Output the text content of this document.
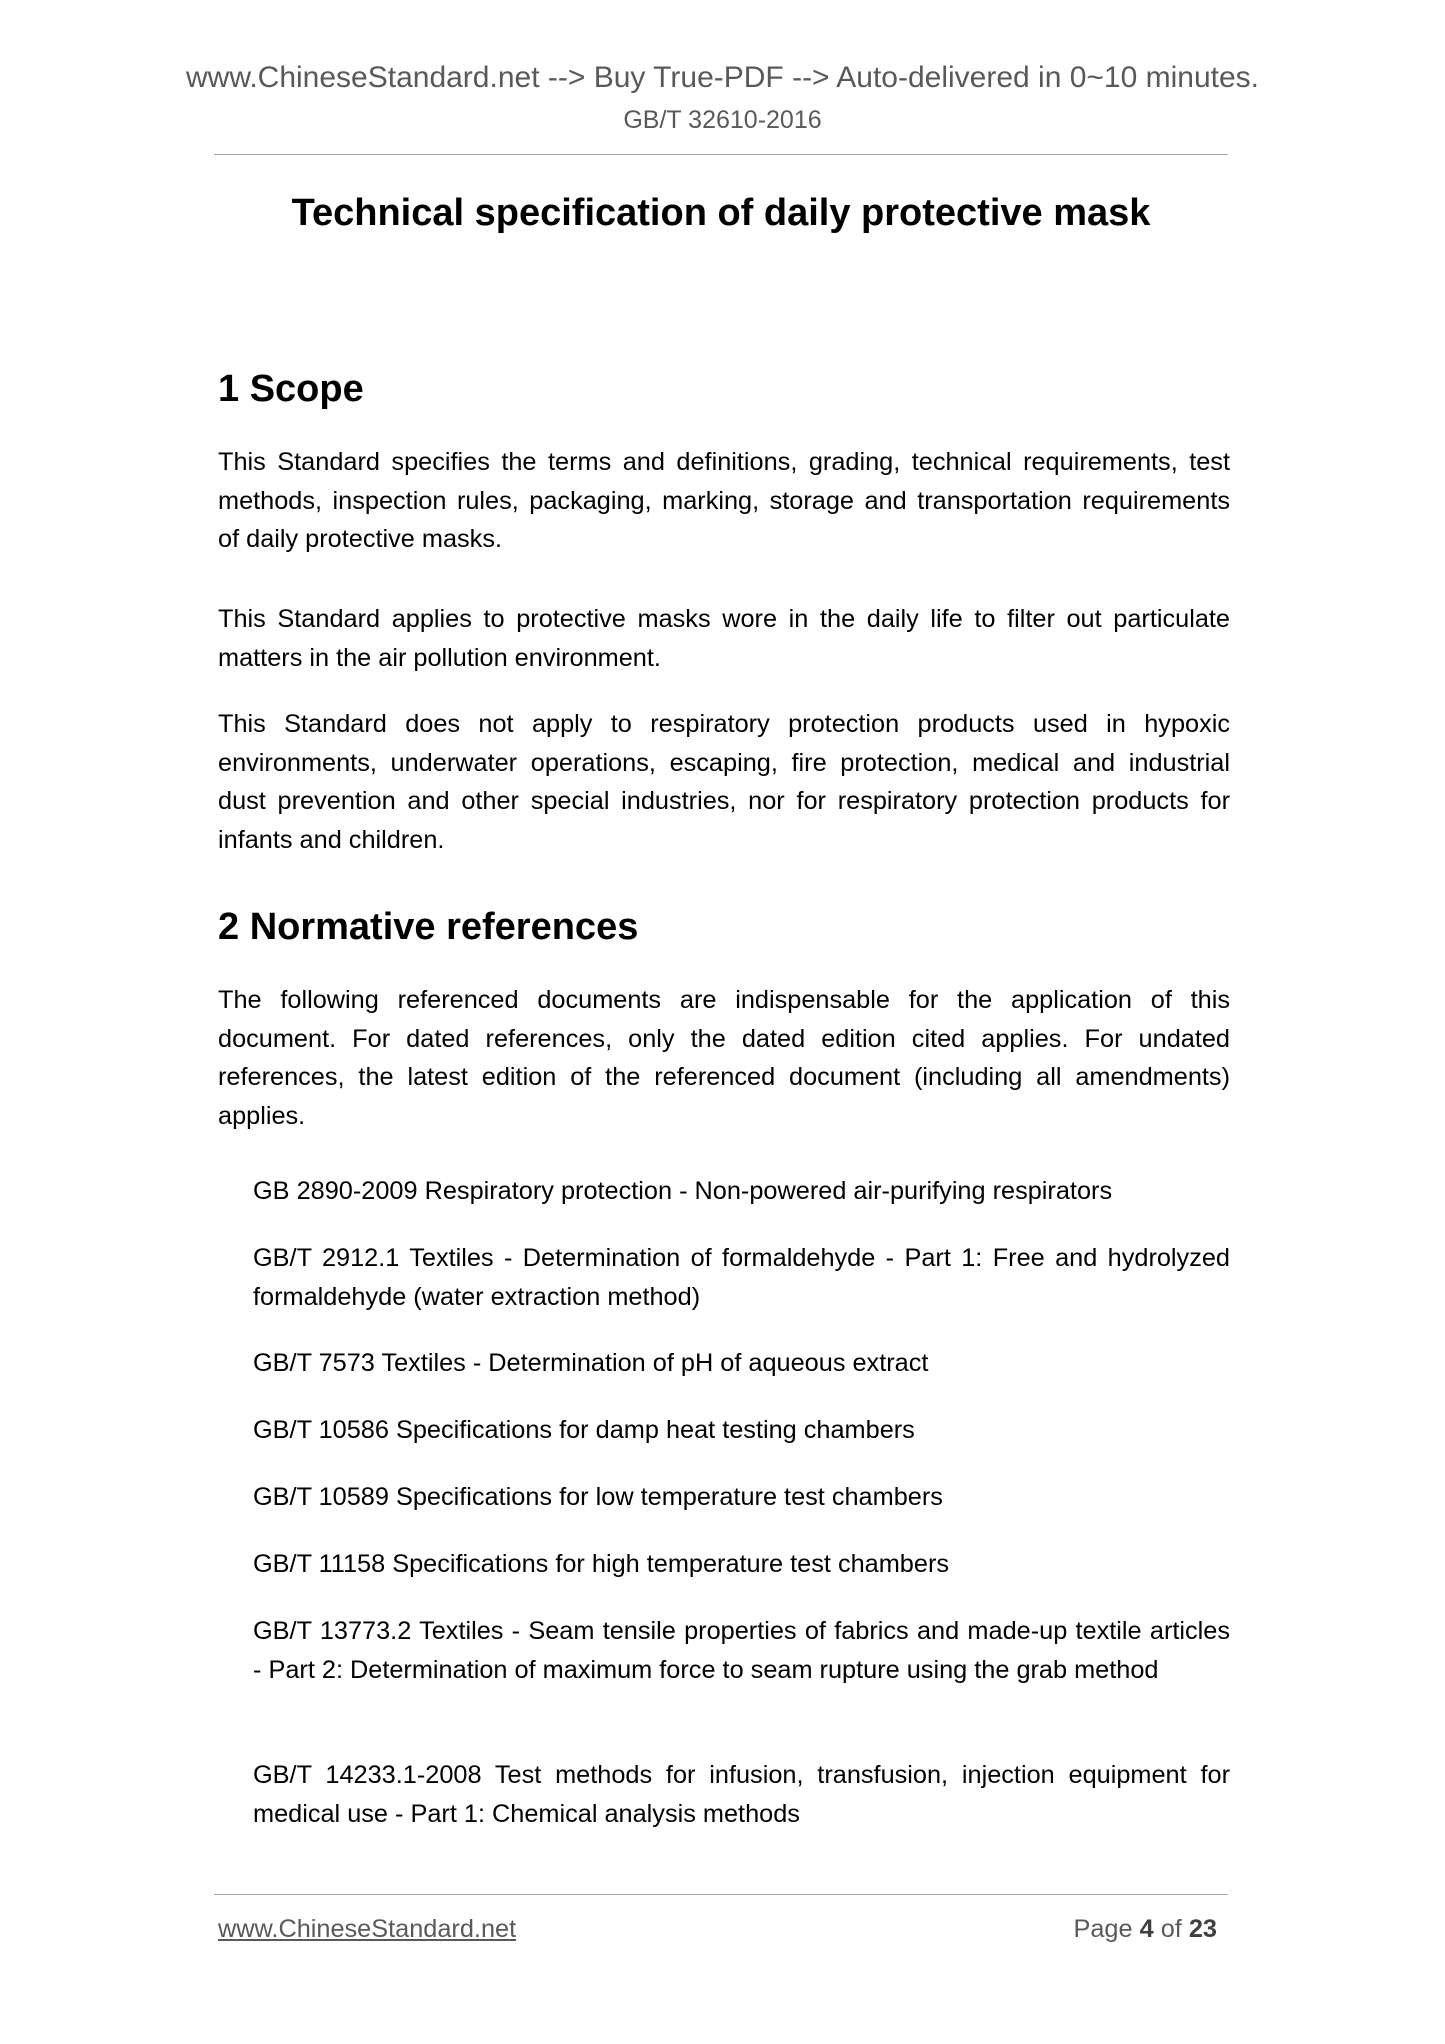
www.ChineseStandard.net --> Buy True-PDF --> Auto-delivered in 0~10 minutes.
GB/T 32610-2016
Technical specification of daily protective mask
1 Scope
This Standard specifies the terms and definitions, grading, technical requirements, test methods, inspection rules, packaging, marking, storage and transportation requirements of daily protective masks.
This Standard applies to protective masks wore in the daily life to filter out particulate matters in the air pollution environment.
This Standard does not apply to respiratory protection products used in hypoxic environments, underwater operations, escaping, fire protection, medical and industrial dust prevention and other special industries, nor for respiratory protection products for infants and children.
2 Normative references
The following referenced documents are indispensable for the application of this document. For dated references, only the dated edition cited applies. For undated references, the latest edition of the referenced document (including all amendments) applies.
GB 2890-2009 Respiratory protection - Non-powered air-purifying respirators
GB/T 2912.1 Textiles - Determination of formaldehyde - Part 1: Free and hydrolyzed formaldehyde (water extraction method)
GB/T 7573 Textiles - Determination of pH of aqueous extract
GB/T 10586 Specifications for damp heat testing chambers
GB/T 10589 Specifications for low temperature test chambers
GB/T 11158 Specifications for high temperature test chambers
GB/T 13773.2 Textiles - Seam tensile properties of fabrics and made-up textile articles - Part 2: Determination of maximum force to seam rupture using the grab method
GB/T 14233.1-2008 Test methods for infusion, transfusion, injection equipment for medical use - Part 1: Chemical analysis methods
www.ChineseStandard.net	Page 4 of 23
